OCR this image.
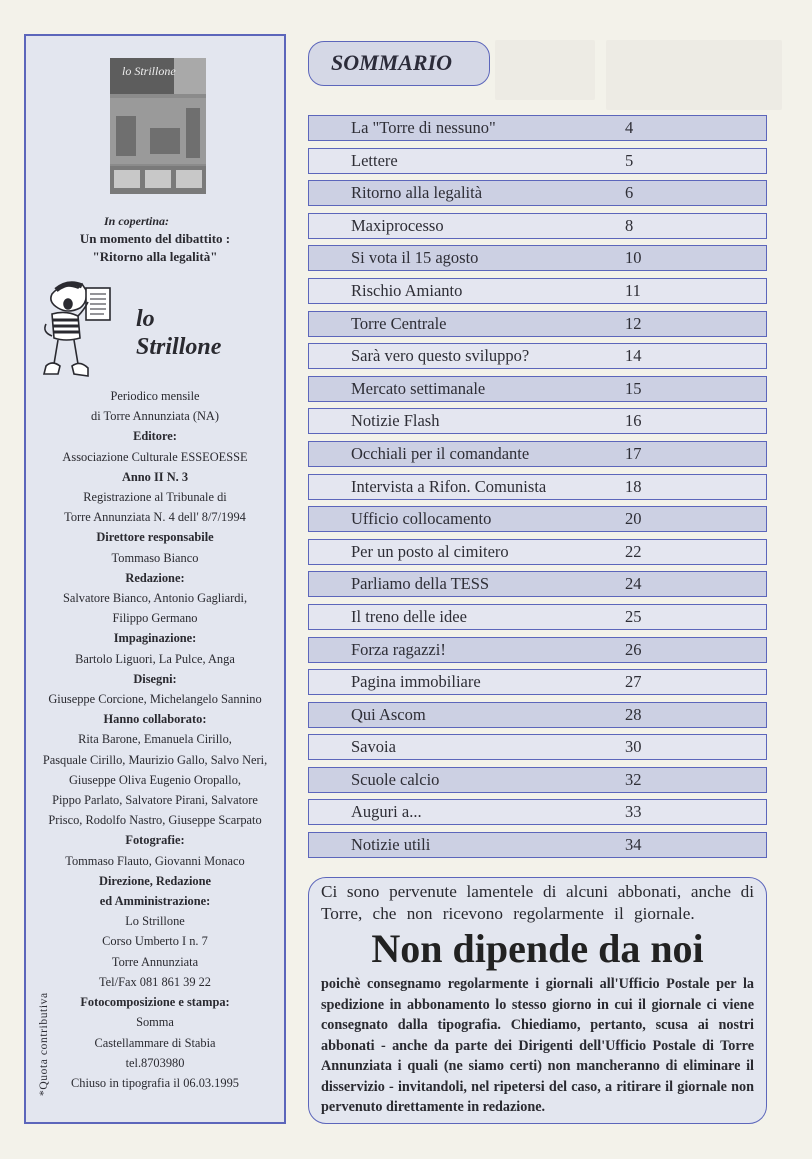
lo Strillone
In copertina:
Un momento del dibattito :
"Ritorno alla legalità"
lo
Strillone
Periodico mensile
di Torre Annunziata (NA)
Editore:
Associazione Culturale ESSEOESSE
Anno II N. 3
Registrazione al Tribunale di
Torre Annunziata N. 4 dell' 8/7/1994
Direttore responsabile
Tommaso Bianco
Redazione:
Salvatore Bianco, Antonio Gagliardi,
Filippo Germano
Impaginazione:
Bartolo Liguori, La Pulce, Anga
Disegni:
Giuseppe Corcione, Michelangelo Sannino
Hanno collaborato:
Rita Barone, Emanuela Cirillo,
Pasquale Cirillo, Maurizio Gallo, Salvo Neri,
Giuseppe Oliva Eugenio Oropallo,
Pippo Parlato, Salvatore Pirani, Salvatore
Prisco, Rodolfo Nastro, Giuseppe Scarpato
Fotografie:
Tommaso Flauto, Giovanni Monaco
Direzione, Redazione
ed Amministrazione:
Lo Strillone
Corso Umberto I n. 7
Torre Annunziata
Tel/Fax 081 861 39 22
Fotocomposizione e stampa:
Somma
Castellammare di Stabia
tel.8703980
Chiuso in tipografia il 06.03.1995
*Quota contributiva
SOMMARIO
La "Torre di nessuno"	4
Lettere	5
Ritorno alla legalità	6
Maxiprocesso	8
Si vota il 15 agosto	10
Rischio Amianto	11
Torre Centrale	12
Sarà vero questo sviluppo?	14
Mercato settimanale	15
Notizie Flash	16
Occhiali per il comandante	17
Intervista a Rifon. Comunista	18
Ufficio collocamento	20
Per un posto al cimitero	22
Parliamo della TESS	24
Il treno delle idee	25
Forza ragazzi!	26
Pagina immobiliare	27
Qui Ascom	28
Savoia	30
Scuole calcio	32
Auguri a...	33
Notizie utili	34
Ci sono pervenute lamentele di alcuni abbonati, anche di
Torre, che non ricevono regolarmente il giornale.
Non dipende da noi
poichè consegnamo regolarmente i giornali all'Ufficio Postale per la spedizione in abbonamento lo stesso giorno in cui il giornale ci viene consegnato dalla tipografia. Chiediamo, pertanto, scusa ai nostri abbonati - anche da parte dei Dirigenti dell'Ufficio Postale di Torre Annunziata i quali (ne siamo certi) non mancheranno di eliminare il disservizio - invitandoli, nel ripetersi del caso, a ritirare il giornale non pervenuto direttamente in redazione.
